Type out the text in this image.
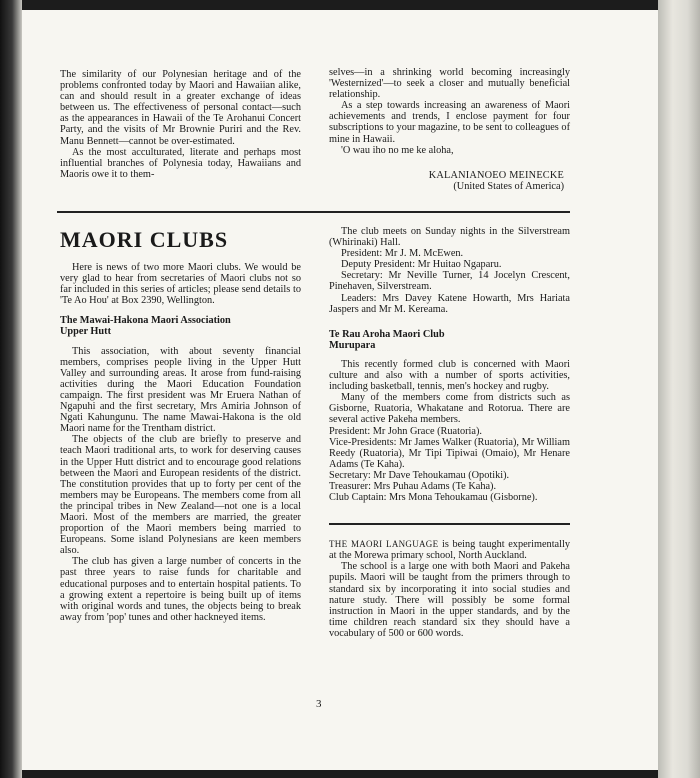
The similarity of our Polynesian heritage and of the problems confronted today by Maori and Hawaiian alike, can and should result in a greater exchange of ideas between us. The effectiveness of personal contact—such as the appearances in Hawaii of the Te Arohanui Concert Party, and the visits of Mr Brownie Puriri and the Rev. Manu Bennett—cannot be over-estimated.

As the most acculturated, literate and perhaps most influential branches of Polynesia today, Hawaiians and Maoris owe it to them-

selves—in a shrinking world becoming increasingly 'Westernized'—to seek a closer and mutually beneficial relationship.

As a step towards increasing an awareness of Maori achievements and trends, I enclose payment for four subscriptions to your magazine, to be sent to colleagues of mine in Hawaii.

'O wau iho no me ke aloha,

KALANIANOEO MEINECKE
(United States of America)
MAORI CLUBS

Here is news of two more Maori clubs. We would be very glad to hear from secretaries of Maori clubs not so far included in this series of articles; please send details to 'Te Ao Hou' at Box 2390, Wellington.

The Mawai-Hakona Maori Association
Upper Hutt

This association, with about seventy financial members, comprises people living in the Upper Hutt Valley and surrounding areas. It arose from fund-raising activities during the Maori Education Foundation campaign. The first president was Mr Eruera Nathan of Ngapuhi and the first secretary, Mrs Amiria Johnson of Ngati Kahungunu. The name Mawai-Hakona is the old Maori name for the Trentham district.

The objects of the club are briefly to preserve and teach Maori traditional arts, to work for deserving causes in the Upper Hutt district and to encourage good relations between the Maori and European residents of the district. The constitution provides that up to forty per cent of the members may be Europeans. The members come from all the principal tribes in New Zealand—not one is a local Maori. Most of the members are married, the greater proportion of the Maori members being married to Europeans. Some island Polynesians are keen members also.

The club has given a large number of concerts in the past three years to raise funds for charitable and educational purposes and to entertain hospital patients. To a growing extent a repertoire is being built up of items with original words and tunes, the objects being to break away from 'pop' tunes and other hackneyed items.

The club meets on Sunday nights in the Silverstream (Whirinaki) Hall.

President: Mr J. M. McEwen.

Deputy President: Mr Huitao Ngaparu.

Secretary: Mr Neville Turner, 14 Jocelyn Crescent, Pinehaven, Silverstream.

Leaders: Mrs Davey Katene Howarth, Mrs Hariata Jaspers and Mr M. Kereama.

Te Rau Aroha Maori Club
Murupara

This recently formed club is concerned with Maori culture and also with a number of sports activities, including basketball, tennis, men's hockey and rugby.

Many of the members come from districts such as Gisborne, Ruatoria, Whakatane and Rotorua. There are several active Pakeha members.

President: Mr John Grace (Ruatoria).

Vice-Presidents: Mr James Walker (Ruatoria), Mr William Reedy (Ruatoria), Mr Tipi Tipiwai (Omaio), Mr Henare Adams (Te Kaha).

Secretary: Mr Dave Tehoukamau (Opotiki).

Treasurer: Mrs Puhau Adams (Te Kaha).

Club Captain: Mrs Mona Tehoukamau (Gisborne).

THE MAORI LANGUAGE is being taught experimentally at the Morewa primary school, North Auckland.

The school is a large one with both Maori and Pakeha pupils. Maori will be taught from the primers through to standard six by incorporating it into social studies and nature study. There will possibly be some formal instruction in Maori in the upper standards, and by the time children reach standard six they should have a vocabulary of 500 or 600 words.

3
